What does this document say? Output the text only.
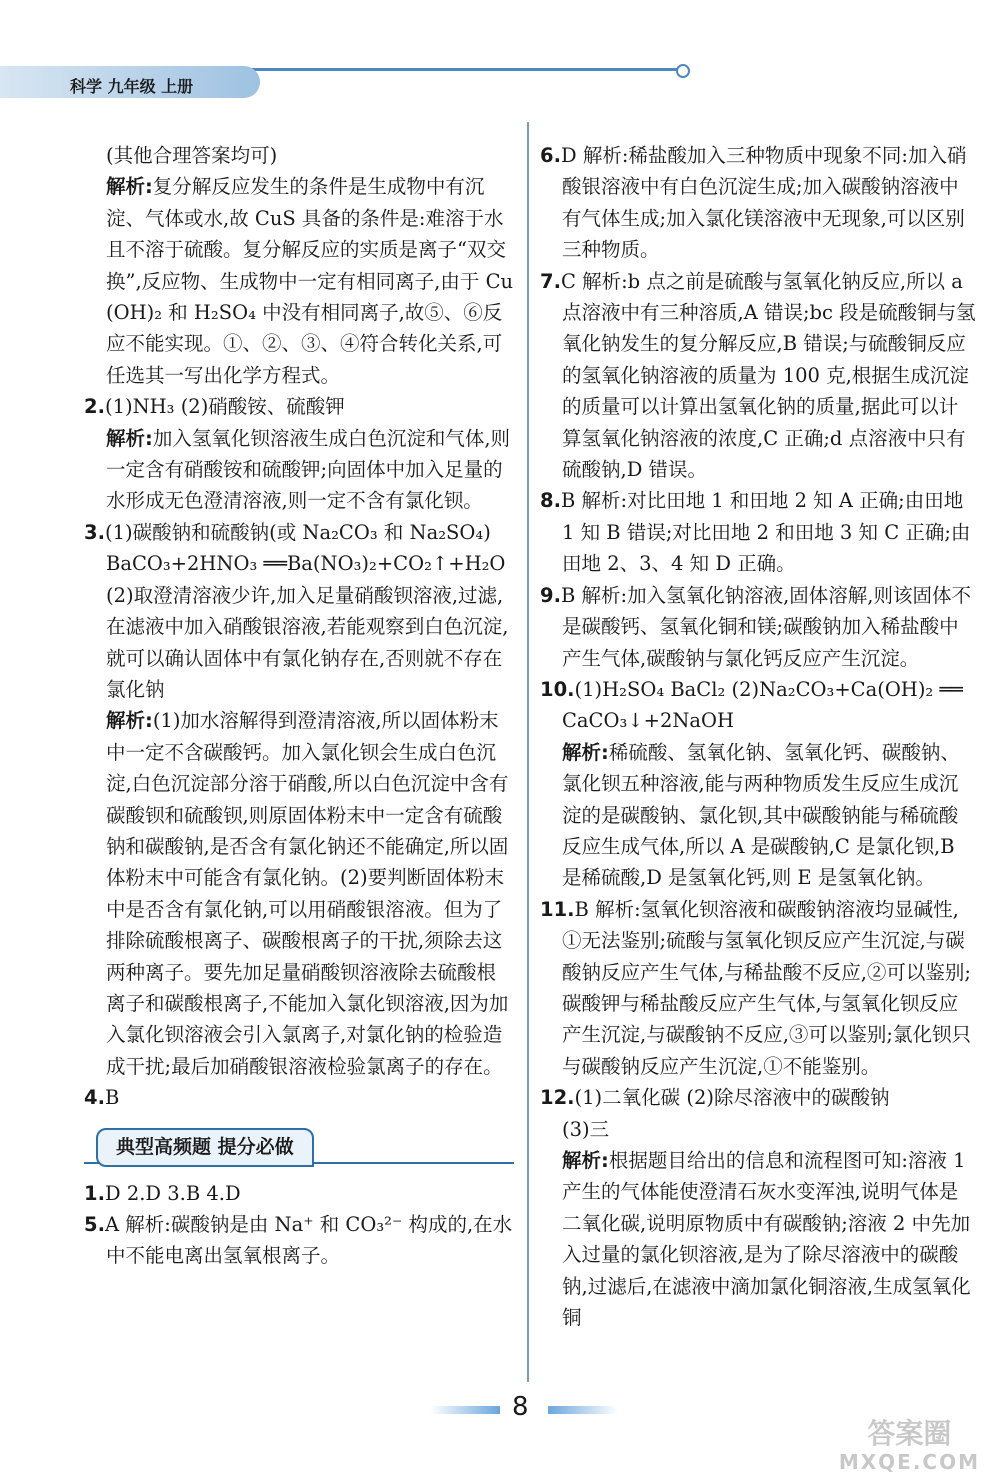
科学 九年级 上册

(其他合理答案均可)

解析:复分解反应发生的条件是生成物中有沉淀、气体或水,故 CuS 具备的条件是:难溶于水且不溶于硫酸。复分解反应的实质是离子“双交换”,反应物、生成物中一定有相同离子,由于 Cu(OH)₂ 和 H₂SO₄ 中没有相同离子,故⑤、⑥反应不能实现。①、②、③、④符合转化关系,可任选其一写出化学方程式。

2.(1)NH₃ (2)硝酸铵、硫酸钾

解析:加入氢氧化钡溶液生成白色沉淀和气体,则一定含有硝酸铵和硫酸钾;向固体中加入足量的水形成无色澄清溶液,则一定不含有氯化钡。

3.(1)碳酸钠和硫酸钠(或 Na₂CO₃ 和 Na₂SO₄)

BaCO₃+2HNO₃ ══Ba(NO₃)₂+CO₂↑+H₂O

(2)取澄清溶液少许,加入足量硝酸钡溶液,过滤,在滤液中加入硝酸银溶液,若能观察到白色沉淀,就可以确认固体中有氯化钠存在,否则就不存在氯化钠

解析:(1)加水溶解得到澄清溶液,所以固体粉末中一定不含碳酸钙。加入氯化钡会生成白色沉淀,白色沉淀部分溶于硝酸,所以白色沉淀中含有碳酸钡和硫酸钡,则原固体粉末中一定含有硫酸钠和碳酸钠,是否含有氯化钠还不能确定,所以固体粉末中可能含有氯化钠。(2)要判断固体粉末中是否含有氯化钠,可以用硝酸银溶液。但为了排除硫酸根离子、碳酸根离子的干扰,须除去这两种离子。要先加足量硝酸钡溶液除去硫酸根离子和碳酸根离子,不能加入氯化钡溶液,因为加入氯化钡溶液会引入氯离子,对氯化钠的检验造成干扰;最后加硝酸银溶液检验氯离子的存在。

4.B

典型高频题 提分必做

1.D 2.D 3.B 4.D

5.A 解析:碳酸钠是由 Na⁺ 和 CO₃²⁻ 构成的,在水中不能电离出氢氧根离子。

6.D 解析:稀盐酸加入三种物质中现象不同:加入硝酸银溶液中有白色沉淀生成;加入碳酸钠溶液中有气体生成;加入氯化镁溶液中无现象,可以区别三种物质。

7.C 解析:b 点之前是硫酸与氢氧化钠反应,所以 a 点溶液中有三种溶质,A 错误;bc 段是硫酸铜与氢氧化钠发生的复分解反应,B 错误;与硫酸铜反应的氢氧化钠溶液的质量为 100 克,根据生成沉淀的质量可以计算出氢氧化钠的质量,据此可以计算氢氧化钠溶液的浓度,C 正确;d 点溶液中只有硫酸钠,D 错误。

8.B 解析:对比田地 1 和田地 2 知 A 正确;由田地 1 知 B 错误;对比田地 2 和田地 3 知 C 正确;由田地 2、3、4 知 D 正确。

9.B 解析:加入氢氧化钠溶液,固体溶解,则该固体不是碳酸钙、氢氧化铜和镁;碳酸钠加入稀盐酸中产生气体,碳酸钠与氯化钙反应产生沉淀。

10.(1)H₂SO₄ BaCl₂ (2)Na₂CO₃+Ca(OH)₂ ══CaCO₃↓+2NaOH

解析:稀硫酸、氢氧化钠、氢氧化钙、碳酸钠、氯化钡五种溶液,能与两种物质发生反应生成沉淀的是碳酸钠、氯化钡,其中碳酸钠能与稀硫酸反应生成气体,所以 A 是碳酸钠,C 是氯化钡,B 是稀硫酸,D 是氢氧化钙,则 E 是氢氧化钠。

11.B 解析:氢氧化钡溶液和碳酸钠溶液均显碱性,①无法鉴别;硫酸与氢氧化钡反应产生沉淀,与碳酸钠反应产生气体,与稀盐酸不反应,②可以鉴别;碳酸钾与稀盐酸反应产生气体,与氢氧化钡反应产生沉淀,与碳酸钠不反应,③可以鉴别;氯化钡只与碳酸钠反应产生沉淀,①不能鉴别。

12.(1)二氧化碳 (2)除尽溶液中的碳酸钠

(3)三

解析:根据题目给出的信息和流程图可知:溶液 1 产生的气体能使澄清石灰水变浑浊,说明气体是二氧化碳,说明原物质中有碳酸钠;溶液 2 中先加入过量的氯化钡溶液,是为了除尽溶液中的碳酸钠,过滤后,在滤液中滴加氯化铜溶液,生成氢氧化铜

8
答案圈
MXQE.COM
